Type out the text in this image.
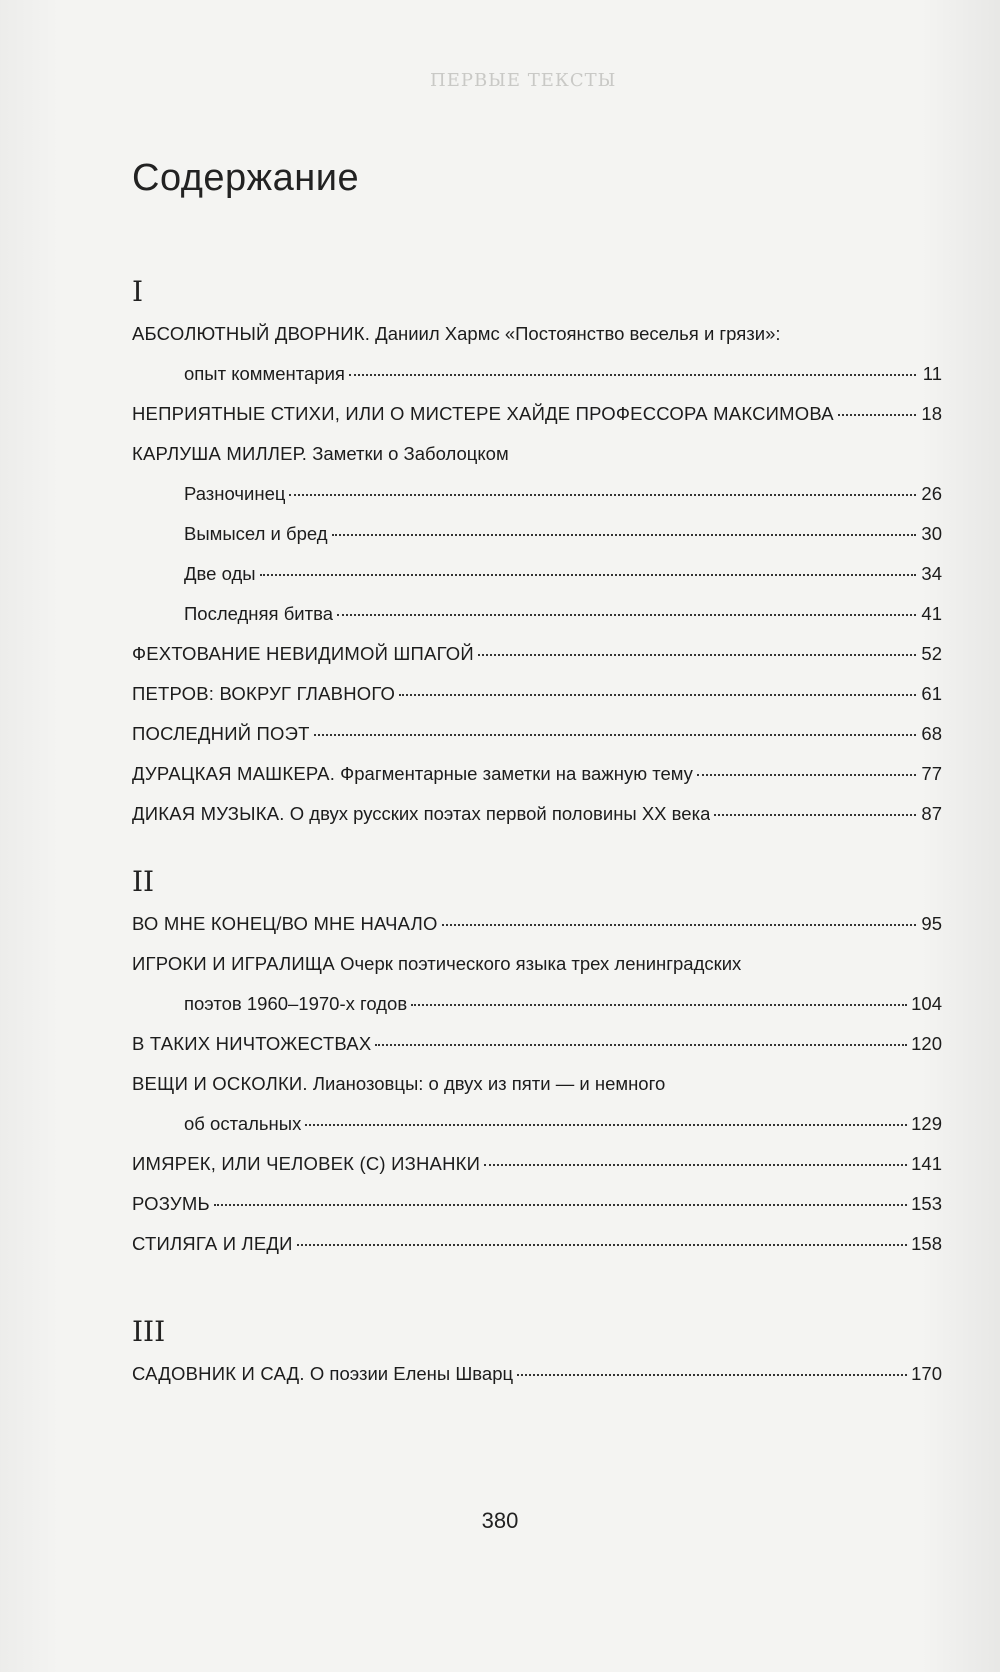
ПЕРВЫЕ ТЕКСТЫ
Содержание
I
АБСОЛЮТНЫЙ ДВОРНИК. Даниил Хармс «Постоянство веселья и грязи»:
опыт комментария	11
НЕПРИЯТНЫЕ СТИХИ, ИЛИ О МИСТЕРЕ ХАЙДЕ ПРОФЕССОРА МАКСИМОВА	18
КАРЛУША МИЛЛЕР. Заметки о Заболоцком
Разночинец	26
Вымысел и бред	30
Две оды	34
Последняя битва	41
ФЕХТОВАНИЕ НЕВИДИМОЙ ШПАГОЙ	52
ПЕТРОВ: ВОКРУГ ГЛАВНОГО	61
ПОСЛЕДНИЙ ПОЭТ	68
ДУРАЦКАЯ МАШКЕРА. Фрагментарные заметки на важную тему	77
ДИКАЯ МУЗЫКА. О двух русских поэтах первой половины XX века	87
II
ВО МНЕ КОНЕЦ/ВО МНЕ НАЧАЛО	95
ИГРОКИ И ИГРАЛИЩА Очерк поэтического языка трех ленинградских
поэтов 1960–1970-х годов	104
В ТАКИХ НИЧТОЖЕСТВАХ	120
ВЕЩИ И ОСКОЛКИ. Лианозовцы: о двух из пяти — и немного
об остальных	129
ИМЯРЕК, ИЛИ ЧЕЛОВЕК (С) ИЗНАНКИ	141
РОЗУМЬ	153
СТИЛЯГА И ЛЕДИ	158
III
САДОВНИК И САД. О поэзии Елены Шварц	170
380
